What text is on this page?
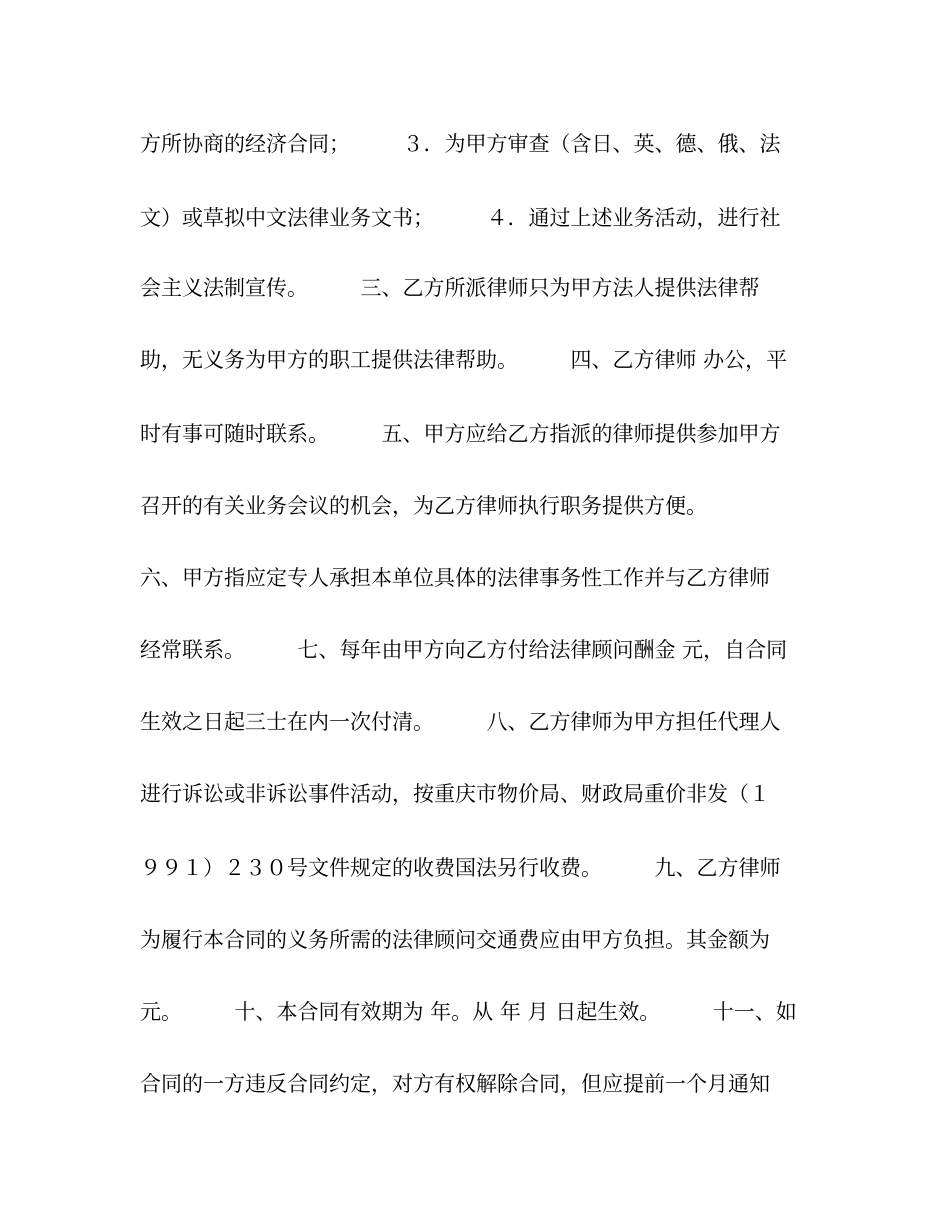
方所协商的经济合同；　　　３．为甲方审查（含日、英、德、俄、法
文）或草拟中文法律业务文书；　　　４．通过上述业务活动，进行社
会主义法制宣传。　　　三、乙方所派律师只为甲方法人提供法律帮
助，无义务为甲方的职工提供法律帮助。　　　四、乙方律师 办公，平
时有事可随时联系。　　　五、甲方应给乙方指派的律师提供参加甲方
召开的有关业务会议的机会，为乙方律师执行职务提供方便。
六、甲方指应定专人承担本单位具体的法律事务性工作并与乙方律师
经常联系。　　　七、每年由甲方向乙方付给法律顾问酬金 元，自合同
生效之日起三士在内一次付清。　　　八、乙方律师为甲方担任代理人
进行诉讼或非诉讼事件活动，按重庆市物价局、财政局重价非发（１
９９１）２３０号文件规定的收费国法另行收费。　　　九、乙方律师
为履行本合同的义务所需的法律顾问交通费应由甲方负担。其金额为
元。　　　十、本合同有效期为 年。从 年 月 日起生效。　　　十一、如
合同的一方违反合同约定，对方有权解除合同，但应提前一个月通知
